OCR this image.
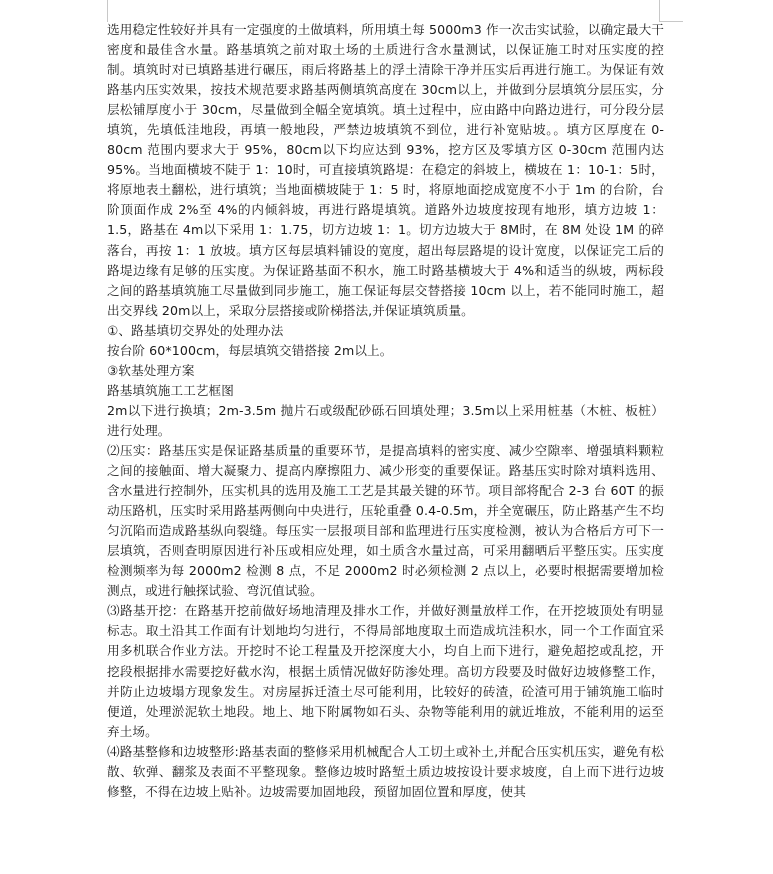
选用稳定性较好并具有一定强度的土做填料，所用填土每 5000m3 作一次击实试验，以确定最大干密度和最佳含水量。路基填筑之前对取土场的土质进行含水量测试，以保证施工时对压实度的控制。填筑时对已填路基进行碾压，雨后将路基上的浮土清除干净并压实后再进行施工。为保证有效路基内压实效果，按技术规范要求路基两侧填筑高度在 30cm以上，并做到分层填筑分层压实，分层松铺厚度小于 30cm，尽量做到全幅全宽填筑。填土过程中，应由路中向路边进行，可分段分层填筑，先填低洼地段，再填一般地段，严禁边坡填筑不到位，进行补宽贴坡。。填方区厚度在 0-80cm 范围内要求大于 95%，80cm以下均应达到 93%，挖方区及零填方区 0-30cm 范围内达 95%。当地面横坡不陡于 1：10时，可直接填筑路堤：在稳定的斜坡上，横坡在 1：10-1：5时，将原地表土翻松，进行填筑；当地面横坡陡于 1：5 时，将原地面挖成宽度不小于 1m 的台阶，台阶顶面作成 2%至 4%的内倾斜坡，再进行路堤填筑。道路外边坡度按现有地形，填方边坡 1：1.5，路基在 4m以下采用 1：1.75，切方边坡 1：1。切方边坡大于 8M时，在 8M 处设 1M 的碎落台，再按 1：1 放坡。填方区每层填料铺设的宽度，超出每层路堤的设计宽度，以保证完工后的路堤边缘有足够的压实度。为保证路基面不积水，施工时路基横坡大于 4%和适当的纵坡，两标段之间的路基填筑施工尽量做到同步施工，施工保证每层交替搭接 10cm 以上，若不能同时施工，超出交界线 20m以上，采取分层搭接或阶梯搭法,并保证填筑质量。

①、路基填切交界处的处理办法

按台阶 60*100cm，每层填筑交错搭接 2m以上。

③软基处理方案

路基填筑施工工艺框图

2m以下进行换填；2m-3.5m 抛片石或级配砂砾石回填处理；3.5m以上采用桩基（木桩、板桩）进行处理。

⑵压实：路基压实是保证路基质量的重要环节，是提高填料的密实度、减少空隙率、增强填料颗粒之间的接触面、增大凝聚力、提高内摩擦阻力、减少形变的重要保证。路基压实时除对填料选用、含水量进行控制外，压实机具的选用及施工工艺是其最关键的环节。项目部将配合 2-3 台 60T 的振动压路机，压实时采用路基两侧向中央进行，压轮重叠 0.4-0.5m，并全宽碾压，防止路基产生不均匀沉陷而造成路基纵向裂缝。每压实一层报项目部和监理进行压实度检测，被认为合格后方可下一层填筑，否则查明原因进行补压或相应处理，如土质含水量过高，可采用翻晒后平整压实。压实度检测频率为每 2000m2 检测 8 点，不足 2000m2 时必须检测 2 点以上，必要时根据需要增加检测点，或进行触探试验、弯沉值试验。

⑶路基开挖：在路基开挖前做好场地清理及排水工作，并做好测量放样工作，在开挖坡顶处有明显标志。取土沿其工作面有计划地均匀进行，不得局部地度取土而造成坑洼积水，同一个工作面宜采用多机联合作业方法。开挖时不论工程量及开挖深度大小，均自上而下进行，避免超挖或乱挖，开挖段根据排水需要挖好截水沟，根据土质情况做好防渗处理。高切方段要及时做好边坡修整工作，并防止边坡塌方现象发生。对房屋拆迁渣土尽可能利用，比较好的砖渣，砼渣可用于铺筑施工临时便道，处理淤泥软土地段。地上、地下附属物如石头、杂物等能利用的就近堆放，不能利用的运至弃土场。

⑷路基整修和边坡整形:路基表面的整修采用机械配合人工切土或补土,并配合压实机压实，避免有松散、软弹、翻浆及表面不平整现象。整修边坡时路堑土质边坡按设计要求坡度，自上而下进行边坡修整，不得在边坡上贴补。边坡需要加固地段，预留加固位置和厚度，使其
